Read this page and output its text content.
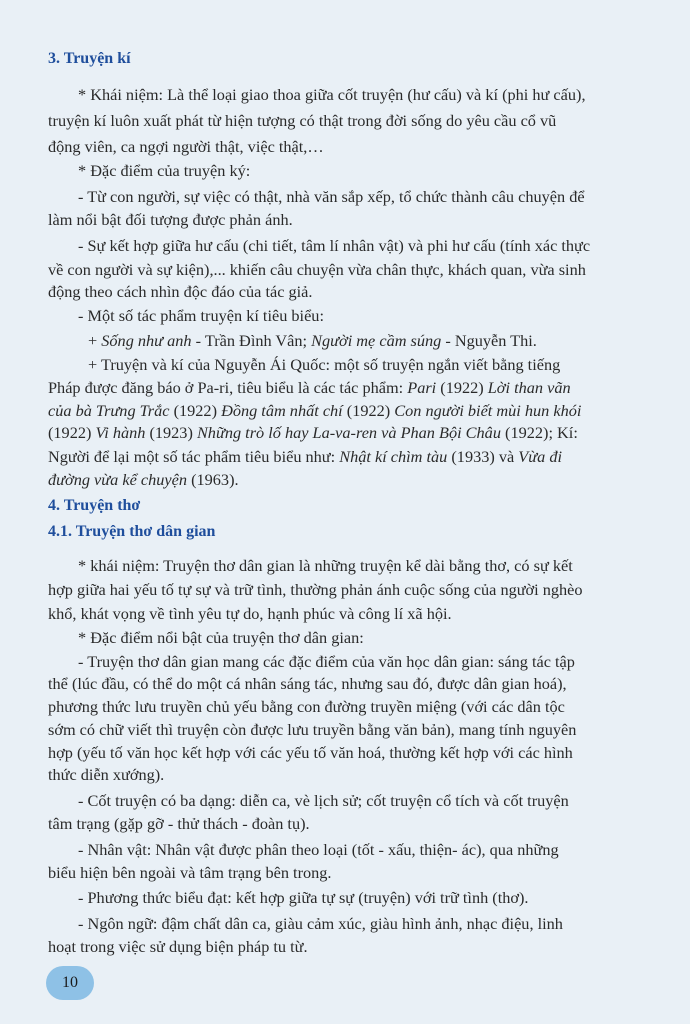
3. Truyện kí
* Khái niệm: Là thể loại giao thoa giữa cốt truyện (hư cấu) và kí (phi hư cấu),
truyện kí luôn xuất phát từ hiện tượng có thật trong đời sống do yêu cầu cổ vũ
động viên, ca ngợi người thật, việc thật,…
* Đặc điểm của truyện ký:
- Từ con người, sự việc có thật, nhà văn sắp xếp, tổ chức thành câu chuyện để
làm nổi bật đối tượng được phản ánh.
- Sự kết hợp giữa hư cấu (chi tiết, tâm lí nhân vật) và phi hư cấu (tính xác thực
về con người và sự kiện),... khiến câu chuyện vừa chân thực, khách quan, vừa sinh
động theo cách nhìn độc đáo của tác giả.
- Một số tác phẩm truyện kí tiêu biểu:
+ Sống như anh - Trần Đình Vân; Người mẹ cầm súng - Nguyễn Thi.
+ Truyện và kí của Nguyễn Ái Quốc: một số truyện ngắn viết bằng tiếng
Pháp được đăng báo ở Pa-ri, tiêu biểu là các tác phẩm: Pari (1922) Lời than vãn
của bà Trưng Trắc (1922) Đồng tâm nhất chí (1922) Con người biết mùi hun khói
(1922) Vi hành (1923) Những trò lố hay La-va-ren và Phan Bội Châu (1922); Kí:
Người để lại một số tác phẩm tiêu biểu như: Nhật kí chìm tàu (1933) và Vừa đi
đường vừa kể chuyện (1963).
4. Truyện thơ
4.1. Truyện thơ dân gian
* khái niệm: Truyện thơ dân gian là những truyện kể dài bằng thơ, có sự kết
hợp giữa hai yếu tố tự sự và trữ tình, thường phản ánh cuộc sống của người nghèo
khổ, khát vọng về tình yêu tự do, hạnh phúc và công lí xã hội.
* Đặc điểm nổi bật của truyện thơ dân gian:
- Truyện thơ dân gian mang các đặc điểm của văn học dân gian: sáng tác tập
thể (lúc đầu, có thể do một cá nhân sáng tác, nhưng sau đó, được dân gian hoá),
phương thức lưu truyền chủ yếu bằng con đường truyền miệng (với các dân tộc
sớm có chữ viết thì truyện còn được lưu truyền bằng văn bản), mang tính nguyên
hợp (yếu tố văn học kết hợp với các yếu tố văn hoá, thường kết hợp với các hình
thức diễn xướng).
- Cốt truyện có ba dạng: diễn ca, vè lịch sử; cốt truyện cổ tích và cốt truyện
tâm trạng (gặp gỡ - thử thách - đoàn tụ).
- Nhân vật: Nhân vật được phân theo loại (tốt - xấu, thiện- ác), qua những
biểu hiện bên ngoài và tâm trạng bên trong.
- Phương thức biểu đạt: kết hợp giữa tự sự (truyện) với trữ tình (thơ).
- Ngôn ngữ: đậm chất dân ca, giàu cảm xúc, giàu hình ảnh, nhạc điệu, linh
hoạt trong việc sử dụng biện pháp tu từ.
10
